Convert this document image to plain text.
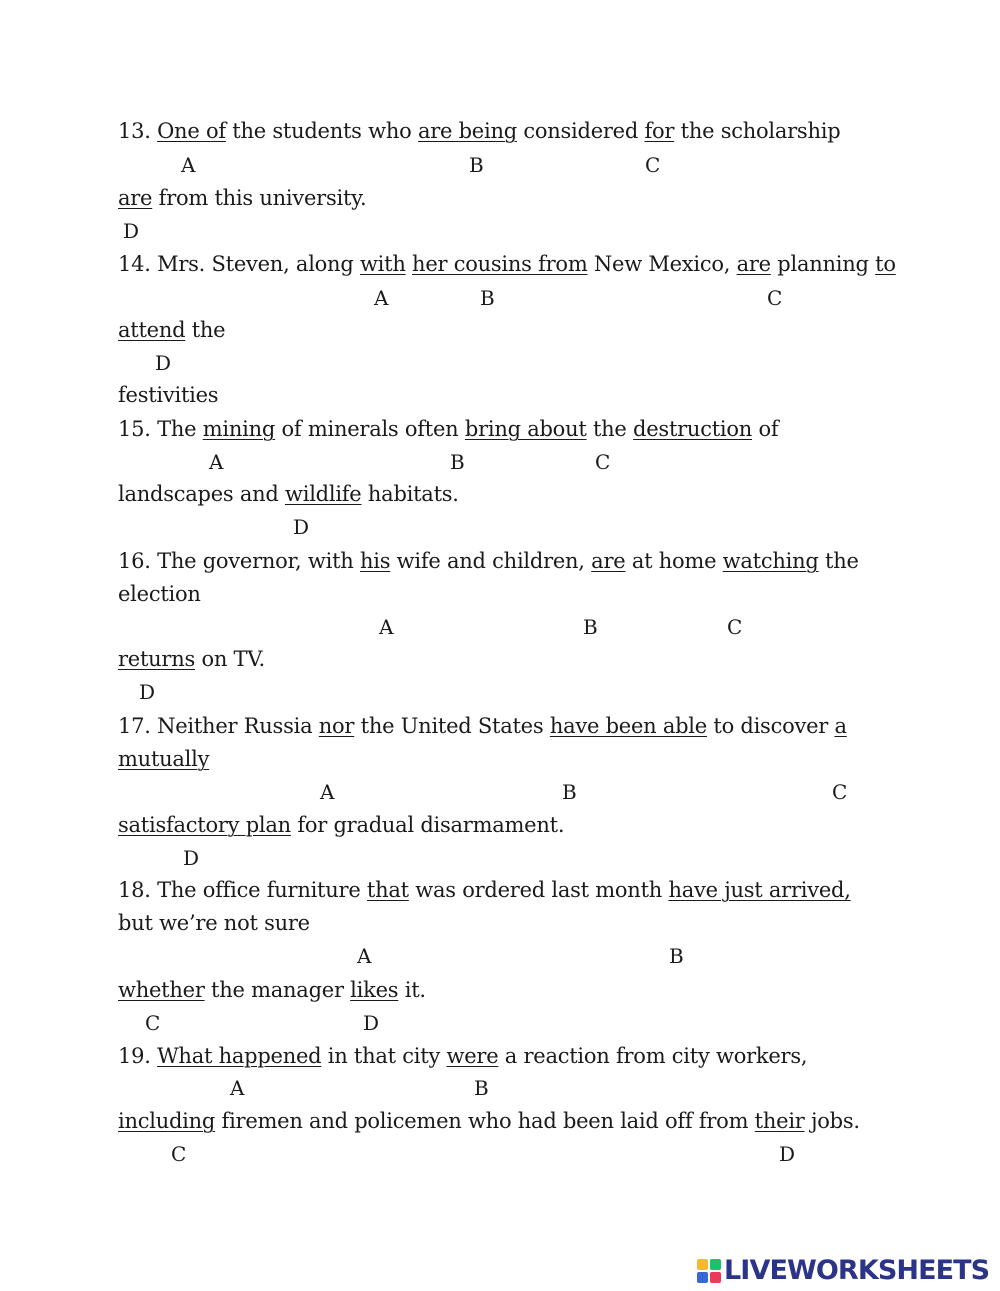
13. One of the students who are being considered for the scholarship
A	B	C
are from this university.
D
14. Mrs. Steven, along with her cousins from New Mexico, are planning to
A	B	C
attend the
D
festivities
15. The mining of minerals often bring about the destruction of
A	B	C
landscapes and wildlife habitats.
D
16. The governor, with his wife and children, are at home watching the
election
A	B	C
returns on TV.
D
17. Neither Russia nor the United States have been able to discover a
mutually
A	B	C
satisfactory plan for gradual disarmament.
D
18. The office furniture that was ordered last month have just arrived,
but we’re not sure
A	B
whether the manager likes it.
C	D
19. What happened in that city were a reaction from city workers,
A	B
including firemen and policemen who had been laid off from their jobs.
C	D
LIVEWORKSHEETS
